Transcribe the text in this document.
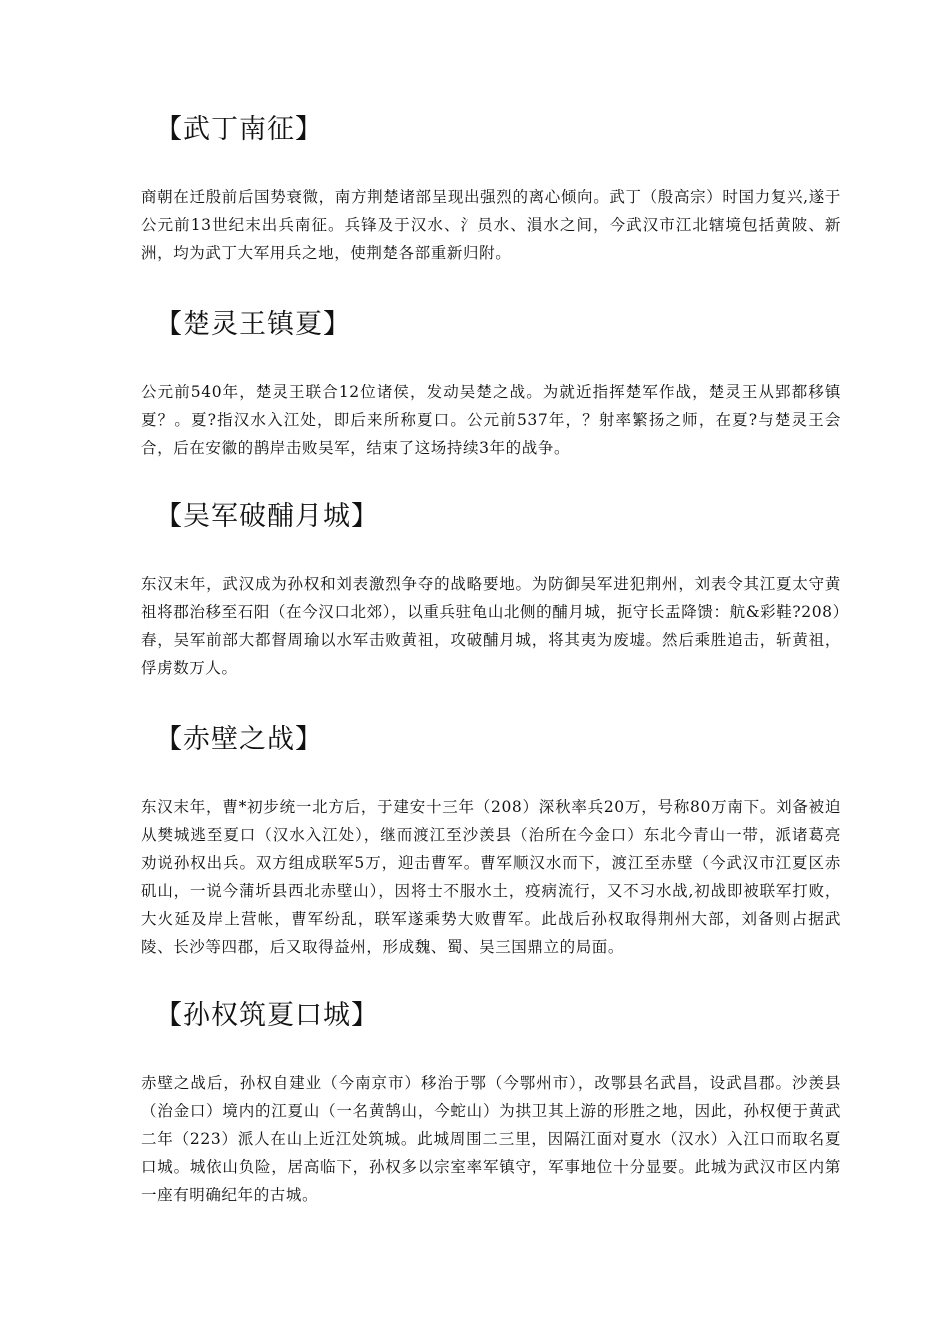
【武丁南征】

商朝在迁殷前后国势衰微，南方荆楚诸部呈现出强烈的离心倾向。武丁（殷高宗）时国力复兴,遂于公元前13世纪末出兵南征。兵锋及于汉水、氵员水、溳水之间，今武汉市江北辖境包括黄陂、新洲，均为武丁大军用兵之地，使荆楚各部重新归附。

【楚灵王镇夏】

公元前540年，楚灵王联合12位诸侯，发动吴楚之战。为就近指挥楚军作战，楚灵王从郢都移镇夏？。夏?指汉水入江处，即后来所称夏口。公元前537年，？射率繁扬之师，在夏?与楚灵王会合，后在安徽的鹊岸击败吴军，结束了这场持续3年的战争。

【吴军破酺月城】

东汉末年，武汉成为孙权和刘表激烈争夺的战略要地。为防御吴军进犯荆州，刘表令其江夏太守黄祖将郡治移至石阳（在今汉口北郊），以重兵驻龟山北侧的酺月城，扼守长盂降馈：航&彩鞋?208）春，吴军前部大都督周瑜以水军击败黄祖，攻破酺月城，将其夷为废墟。然后乘胜追击，斩黄祖，俘虏数万人。

【赤壁之战】

东汉末年，曹*初步统一北方后，于建安十三年（208）深秋率兵20万，号称80万南下。刘备被迫从樊城逃至夏口（汉水入江处），继而渡江至沙羡县（治所在今金口）东北今青山一带，派诸葛亮劝说孙权出兵。双方组成联军5万，迎击曹军。曹军顺汉水而下，渡江至赤壁（今武汉市江夏区赤矶山，一说今蒲圻县西北赤壁山），因将士不服水土，疫病流行，又不习水战,初战即被联军打败，大火延及岸上营帐，曹军纷乱，联军遂乘势大败曹军。此战后孙权取得荆州大部，刘备则占据武陵、长沙等四郡，后又取得益州，形成魏、蜀、吴三国鼎立的局面。

【孙权筑夏口城】

赤壁之战后，孙权自建业（今南京市）移治于鄂（今鄂州市），改鄂县名武昌，设武昌郡。沙羡县（治金口）境内的江夏山（一名黄鹄山，今蛇山）为拱卫其上游的形胜之地，因此，孙权便于黄武二年（223）派人在山上近江处筑城。此城周围二三里，因隔江面对夏水（汉水）入江口而取名夏口城。城依山负险，居高临下，孙权多以宗室率军镇守，军事地位十分显要。此城为武汉市区内第一座有明确纪年的古城。
